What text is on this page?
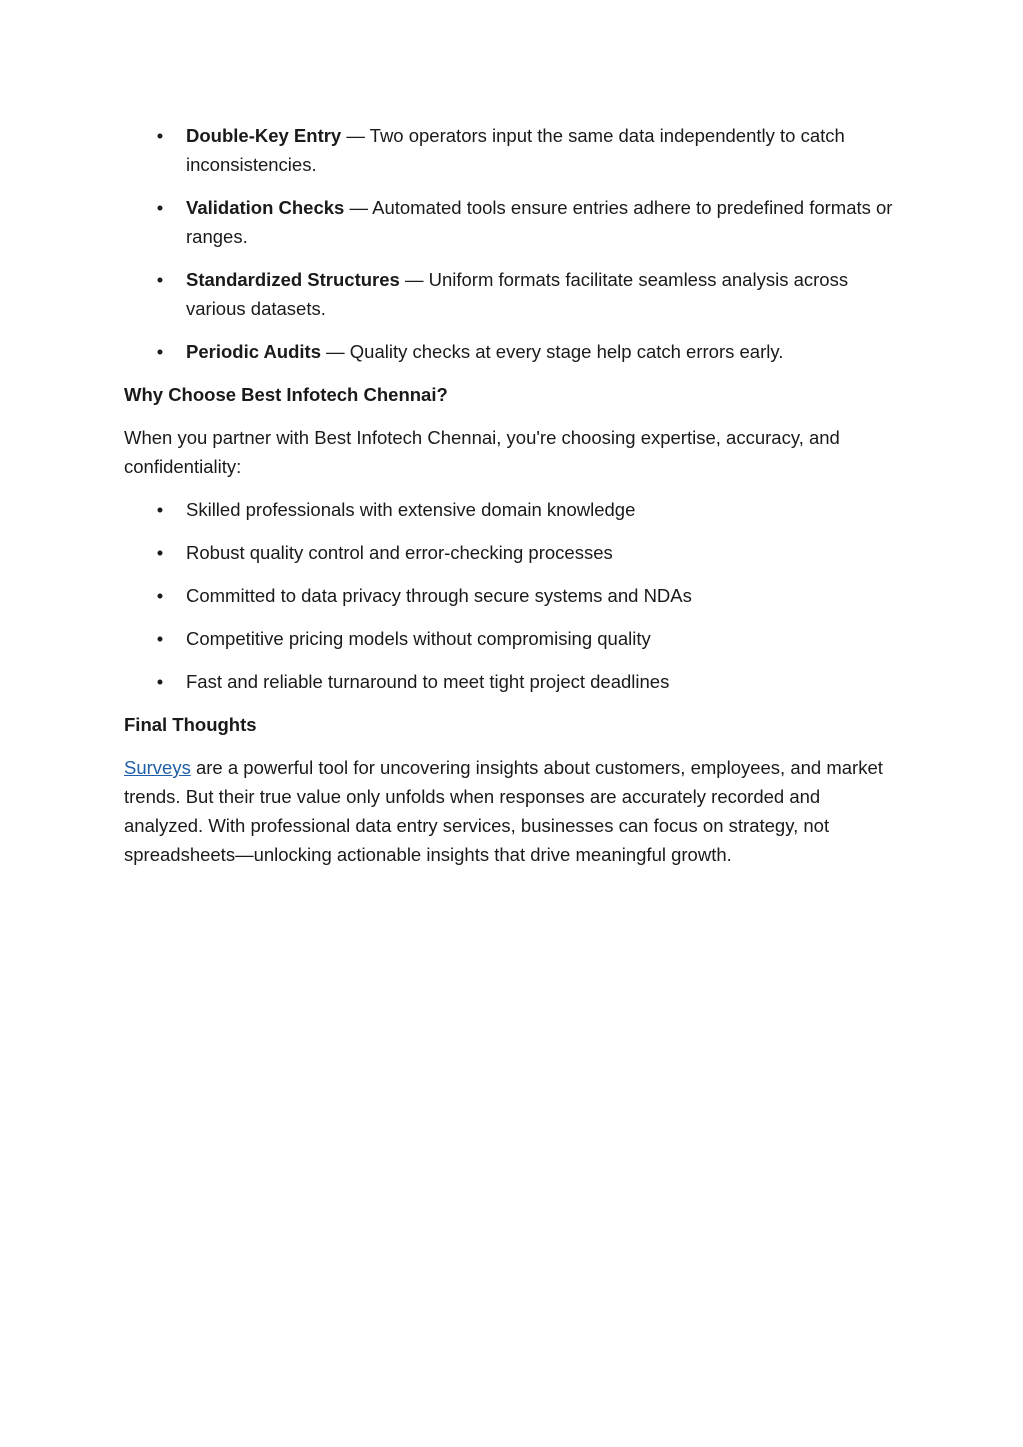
• Double-Key Entry — Two operators input the same data independently to catch inconsistencies.
• Validation Checks — Automated tools ensure entries adhere to predefined formats or ranges.
• Standardized Structures — Uniform formats facilitate seamless analysis across various datasets.
• Periodic Audits — Quality checks at every stage help catch errors early.
Why Choose Best Infotech Chennai?

When you partner with Best Infotech Chennai, you're choosing expertise, accuracy, and confidentiality:

• Skilled professionals with extensive domain knowledge
• Robust quality control and error-checking processes
• Committed to data privacy through secure systems and NDAs
• Competitive pricing models without compromising quality
• Fast and reliable turnaround to meet tight project deadlines
Final Thoughts

Surveys are a powerful tool for uncovering insights about customers, employees, and market trends. But their true value only unfolds when responses are accurately recorded and analyzed. With professional data entry services, businesses can focus on strategy, not spreadsheets—unlocking actionable insights that drive meaningful growth.
